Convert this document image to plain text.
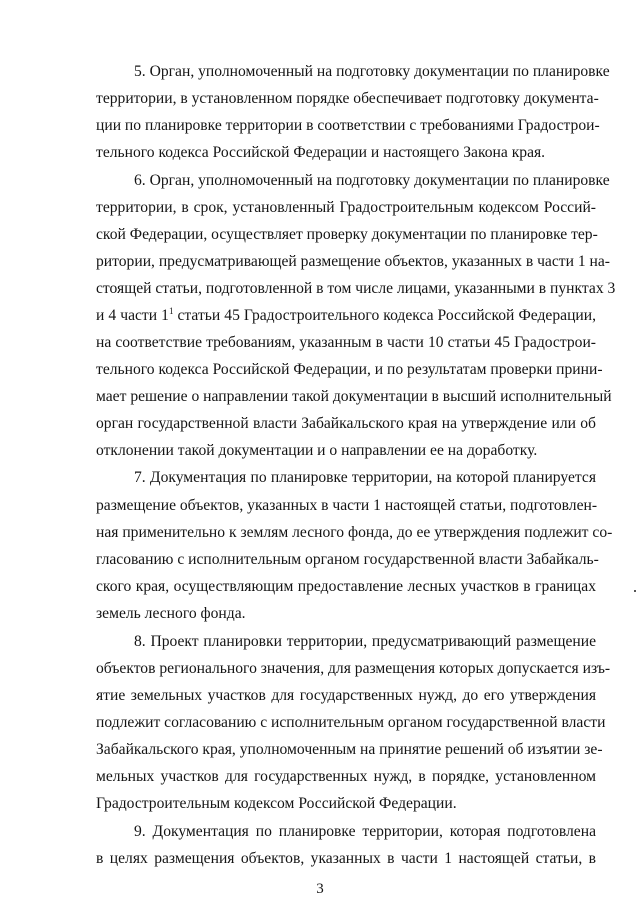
5. Орган, уполномоченный на подготовку документации по планировке
территории, в установленном порядке обеспечивает подготовку документа-
ции по планировке территории в соответствии с требованиями Градострои-
тельного кодекса Российской Федерации и настоящего Закона края.
6. Орган, уполномоченный на подготовку документации по планировке
территории, в срок, установленный Градостроительным кодексом Россий-
ской Федерации, осуществляет проверку документации по планировке тер-
ритории, предусматривающей размещение объектов, указанных в части 1 на-
стоящей статьи, подготовленной в том числе лицами, указанными в пунктах 3
и 4 части $1^1$ статьи 45 Градостроительного кодекса Российской Федерации,
на соответствие требованиям, указанным в части 10 статьи 45 Градострои-
тельного кодекса Российской Федерации, и по результатам проверки прини-
мает решение о направлении такой документации в высший исполнительный
орган государственной власти Забайкальского края на утверждение или об
отклонении такой документации и о направлении ее на доработку.
7. Документация по планировке территории, на которой планируется
размещение объектов, указанных в части 1 настоящей статьи, подготовлен-
ная применительно к землям лесного фонда, до ее утверждения подлежит со-
гласованию с исполнительным органом государственной власти Забайкаль-
ского края, осуществляющим предоставление лесных участков в границах
земель лесного фонда.
8. Проект планировки территории, предусматривающий размещение
объектов регионального значения, для размещения которых допускается изъ-
ятие земельных участков для государственных нужд, до его утверждения
подлежит согласованию с исполнительным органом государственной власти
Забайкальского края, уполномоченным на принятие решений об изъятии зе-
мельных участков для государственных нужд, в порядке, установленном
Градостроительным кодексом Российской Федерации.
9. Документация по планировке территории, которая подготовлена
в целях размещения объектов, указанных в части 1 настоящей статьи, в
3
